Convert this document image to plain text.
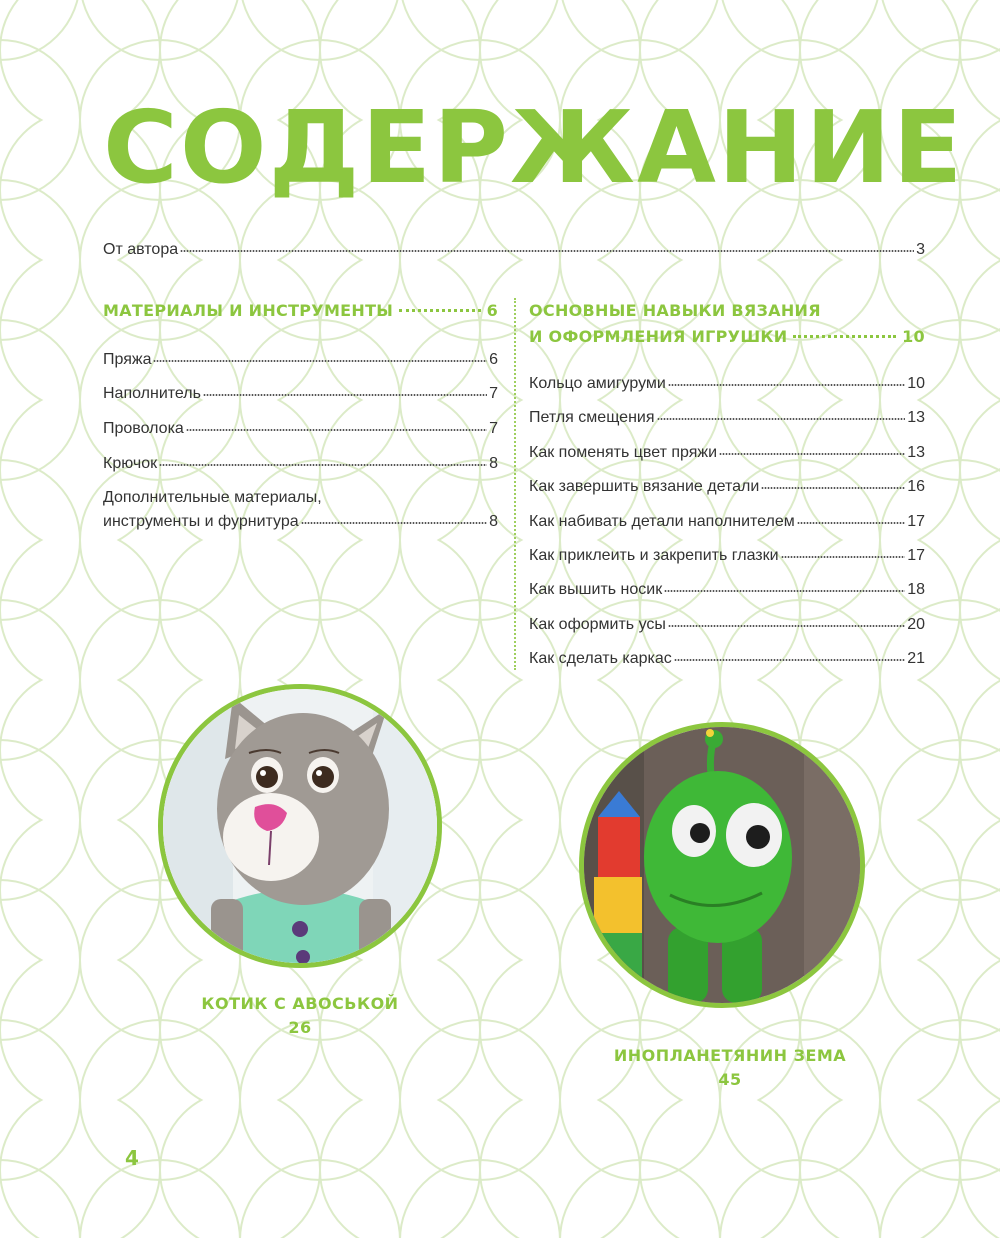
СОДЕРЖАНИЕ
От автора	3
МАТЕРИАЛЫ И ИНСТРУМЕНТЫ	6
Пряжа	6
Наполнитель	7
Проволока	7
Крючок	8
Дополнительные материалы,
инструменты и фурнитура	8
ОСНОВНЫЕ НАВЫКИ ВЯЗАНИЯ
И ОФОРМЛЕНИЯ ИГРУШКИ	10
Кольцо амигуруми	10
Петля смещения	13
Как поменять цвет пряжи	13
Как завершить вязание детали	16
Как набивать детали наполнителем	17
Как приклеить и закрепить глазки	17
Как вышить носик	18
Как оформить усы	20
Как сделать каркас	21
КОТИК С АВОСЬКОЙ
26
ИНОПЛАНЕТЯНИН ЗЕМА
45
4
